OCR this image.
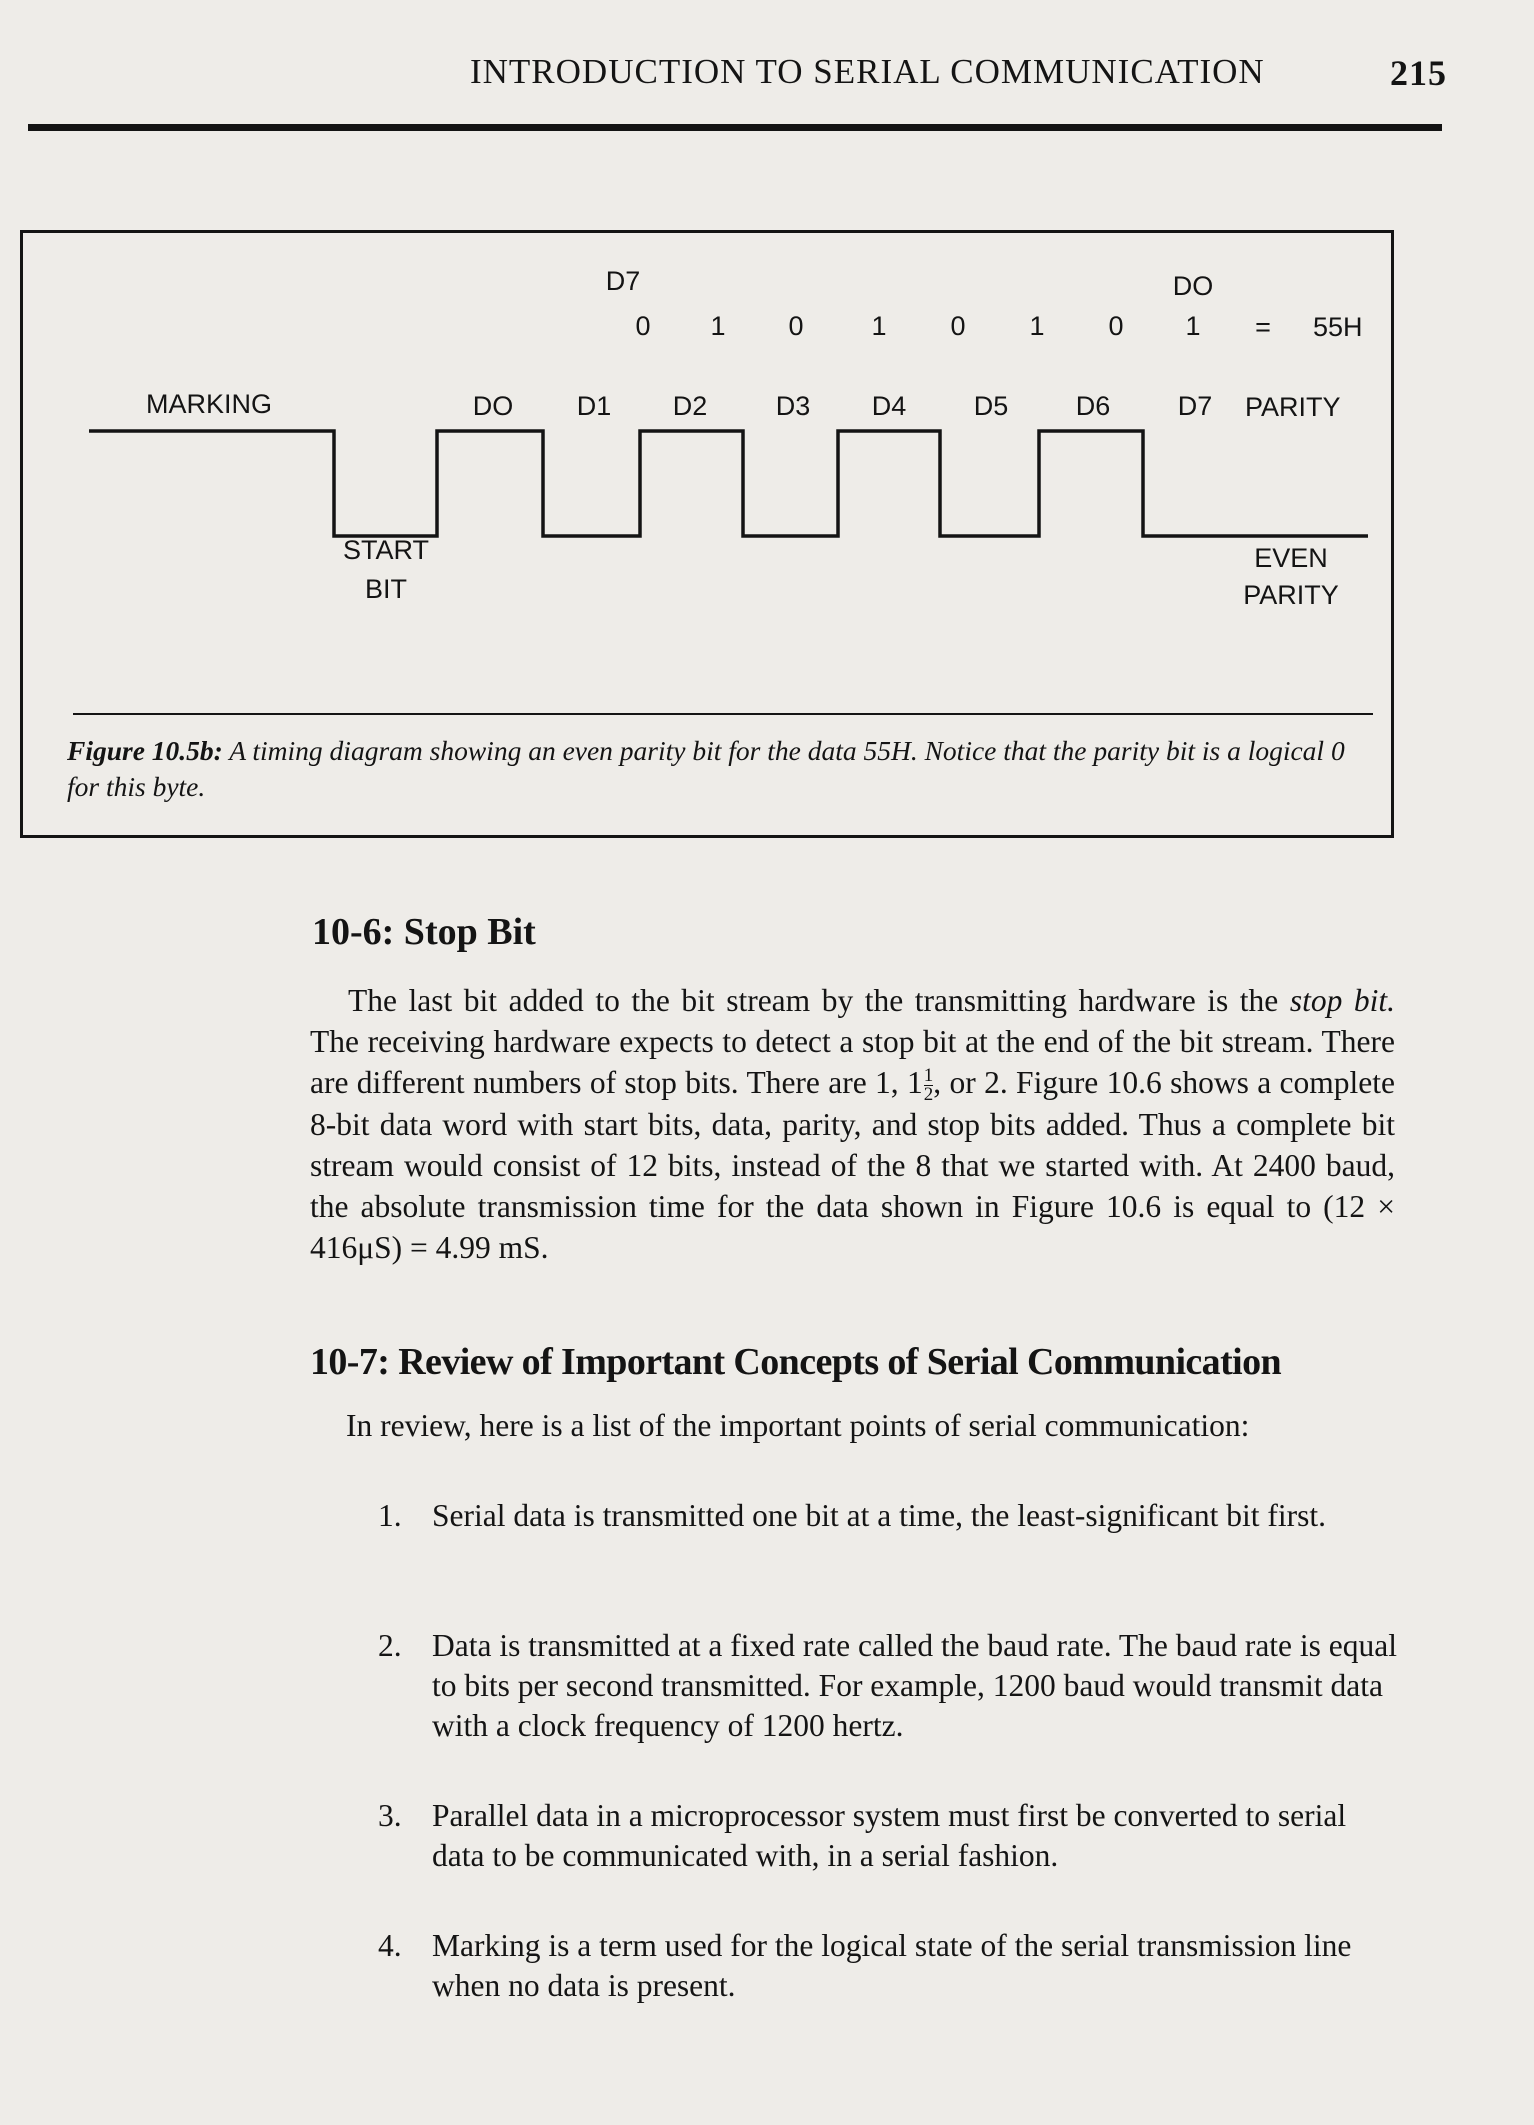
INTRODUCTION TO SERIAL COMMUNICATION	215
D7	DO
0 1 0	1 0 1 0 1 = 55H
MARKING	DO D1 D2	D3 D4 D5 D6 D7 PARITY
START
BIT
EVEN
PARITY
Figure 10.5b: A timing diagram showing an even parity bit for the data 55H. Notice that the parity bit is a logical 0 for this byte.
10-6: Stop Bit
The last bit added to the bit stream by the transmitting hardware is the stop bit. The receiving hardware expects to detect a stop bit at the end of the bit stream. There are different numbers of stop bits. There are 1, $1 \frac{1}{2}$ , or 2. Figure 10.6 shows a complete 8-bit data word with start bits, data, parity, and stop bits added. Thus a complete bit stream would consist of 12 bits, instead of the 8 that we started with. At 2400 baud, the absolute transmission time for the data shown in Figure 10.6 is equal to (12 × 416μS) = 4.99 mS.
10-7: Review of Important Concepts of Serial Communication
In review, here is a list of the important points of serial communication:
1. Serial data is transmitted one bit at a time, the least-significant bit first.
2. Data is transmitted at a fixed rate called the baud rate. The baud rate is equal to bits per second transmitted. For example, 1200 baud would transmit data with a clock frequency of 1200 hertz.
3. Parallel data in a microprocessor system must first be converted to serial data to be communicated with, in a serial fashion.
4. Marking is a term used for the logical state of the serial transmission line when no data is present.
